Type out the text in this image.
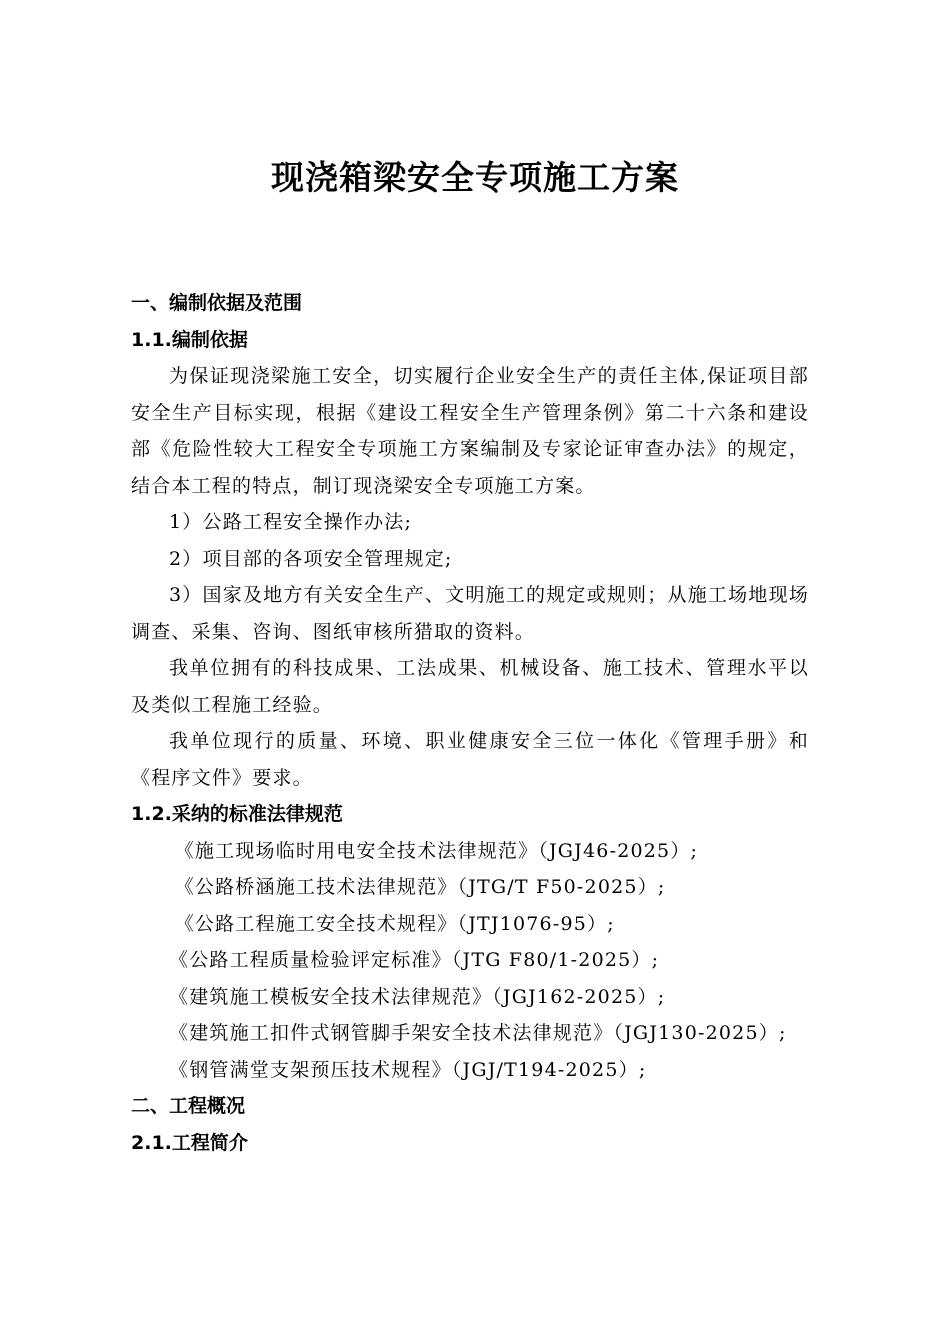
现浇箱梁安全专项施工方案

一、编制依据及范围

1.1.编制依据

为保证现浇梁施工安全，切实履行企业安全生产的责任主体,保证项目部安全生产目标实现，根据《建设工程安全生产管理条例》第二十六条和建设部《危险性较大工程安全专项施工方案编制及专家论证审查办法》的规定，结合本工程的特点，制订现浇梁安全专项施工方案。

1）公路工程安全操作办法;

2）项目部的各项安全管理规定;

3）国家及地方有关安全生产、文明施工的规定或规则；从施工场地现场调查、采集、咨询、图纸审核所猎取的资料。

我单位拥有的科技成果、工法成果、机械设备、施工技术、管理水平以及类似工程施工经验。

我单位现行的质量、环境、职业健康安全三位一体化《管理手册》和《程序文件》要求。

1.2.采纳的标准法律规范

《施工现场临时用电安全技术法律规范》（JGJ46-2025）;

《公路桥涵施工技术法律规范》（JTG/T F50-2025）;

《公路工程施工安全技术规程》（JTJ1076-95）;

《公路工程质量检验评定标准》（JTG F80/1-2025）;

《建筑施工模板安全技术法律规范》（JGJ162-2025）;

《建筑施工扣件式钢管脚手架安全技术法律规范》（JGJ130-2025）;

《钢管满堂支架预压技术规程》（JGJ/T194-2025）;

二、工程概况

2.1.工程简介
